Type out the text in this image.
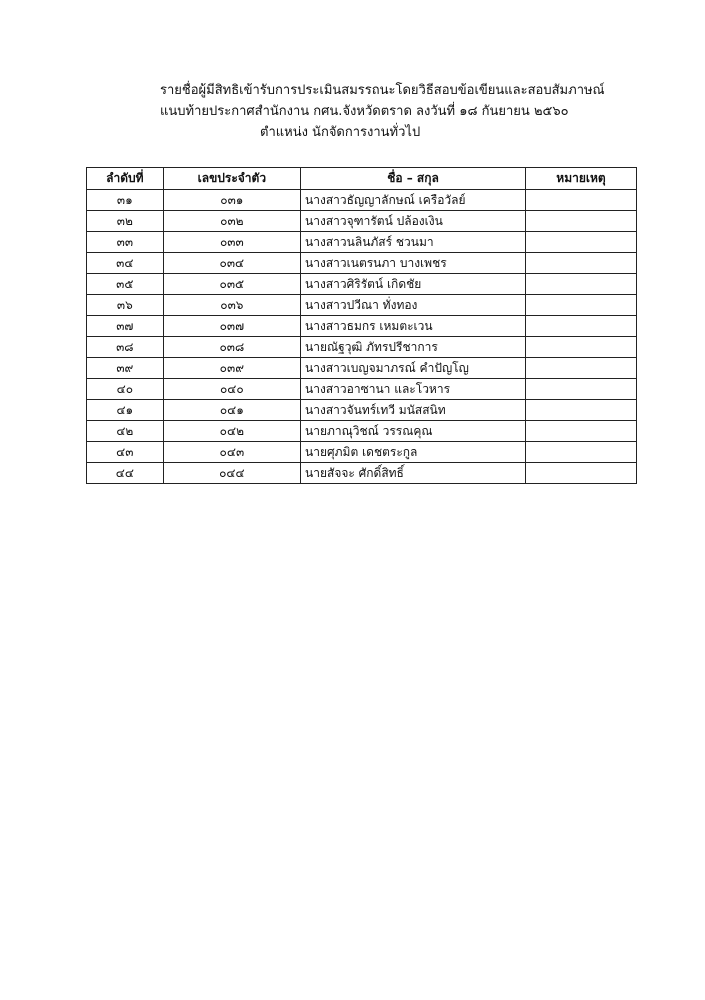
รายชื่อผู้มีสิทธิเข้ารับการประเมินสมรรถนะโดยวิธีสอบข้อเขียนและสอบสัมภาษณ์
แนบท้ายประกาศสำนักงาน กศน.จังหวัดตราด ลงวันที่ ๑๘ กันยายน ๒๕๖๐
ตำแหน่ง นักจัดการงานทั่วไป
ลำดับที่	เลขประจำตัว	ชื่อ – สกุล	หมายเหตุ
๓๑	๐๓๑	นางสาวธัญญาลักษณ์ เครือวัลย์	
๓๒	๐๓๒	นางสาวจุฑารัตน์ ปล้องเงิน	
๓๓	๐๓๓	นางสาวนลินภัสร์ ชวนมา	
๓๔	๐๓๔	นางสาวเนตรนภา บางเพชร	
๓๕	๐๓๕	นางสาวศิริรัตน์ เกิดชัย	
๓๖	๐๓๖	นางสาวปวีณา ทั่งทอง	
๓๗	๐๓๗	นางสาวธมกร เหมตะเวน	
๓๘	๐๓๘	นายณัฐวุฒิ ภัทรปรีชาการ	
๓๙	๐๓๙	นางสาวเบญจมาภรณ์ คำปัญโญ	
๔๐	๐๔๐	นางสาวอาซานา และโวหาร	
๔๑	๐๔๑	นางสาวจันทร์เทวี มนัสสนิท	
๔๒	๐๔๒	นายภาณุวิชณ์ วรรณคุณ	
๔๓	๐๔๓	นายศุภมิต เดชตระกูล	
๔๔	๐๔๔	นายสัจจะ ศักดิ์สิทธิ์	
